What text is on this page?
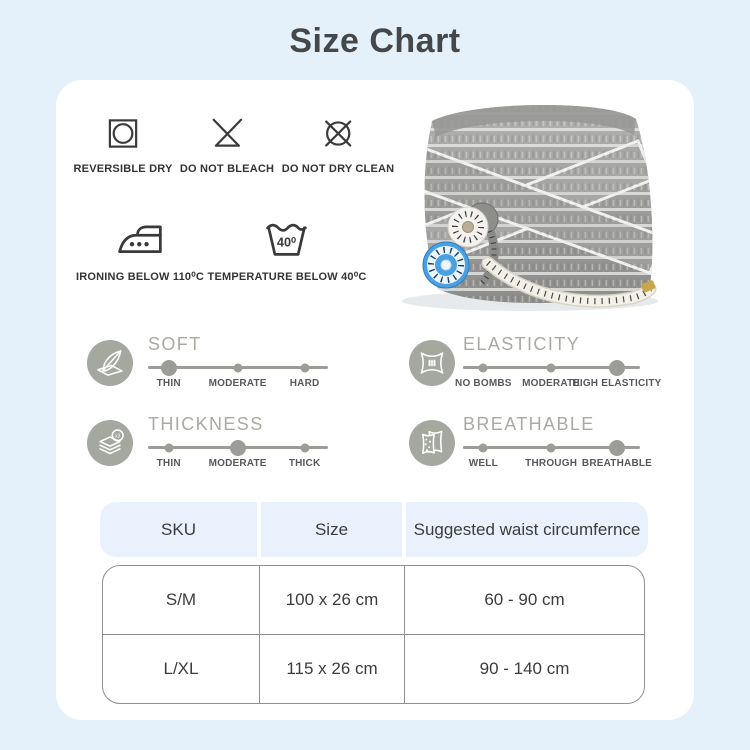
Size Chart
REVERSIBLE DRY DO NOT BLEACH DO NOT DRY CLEAN
IRONING BELOW 110⁰C
40⁰
TEMPERATURE BELOW 40⁰C
SOFT
THIN	MODERATE HARD
ELASTICITY
NO BOMBS MODERATE
HIGH ELASTICITY
x3
THICKNESS
THIN	MODERATE THICK
BREATHABLE
WELL	THROUGH BREATHABLE
SKU	Size	Suggested waist circumfernce
S/M	100 x 26 cm	60 - 90 cm
L/XL	115 x 26 cm	90 - 140 cm
